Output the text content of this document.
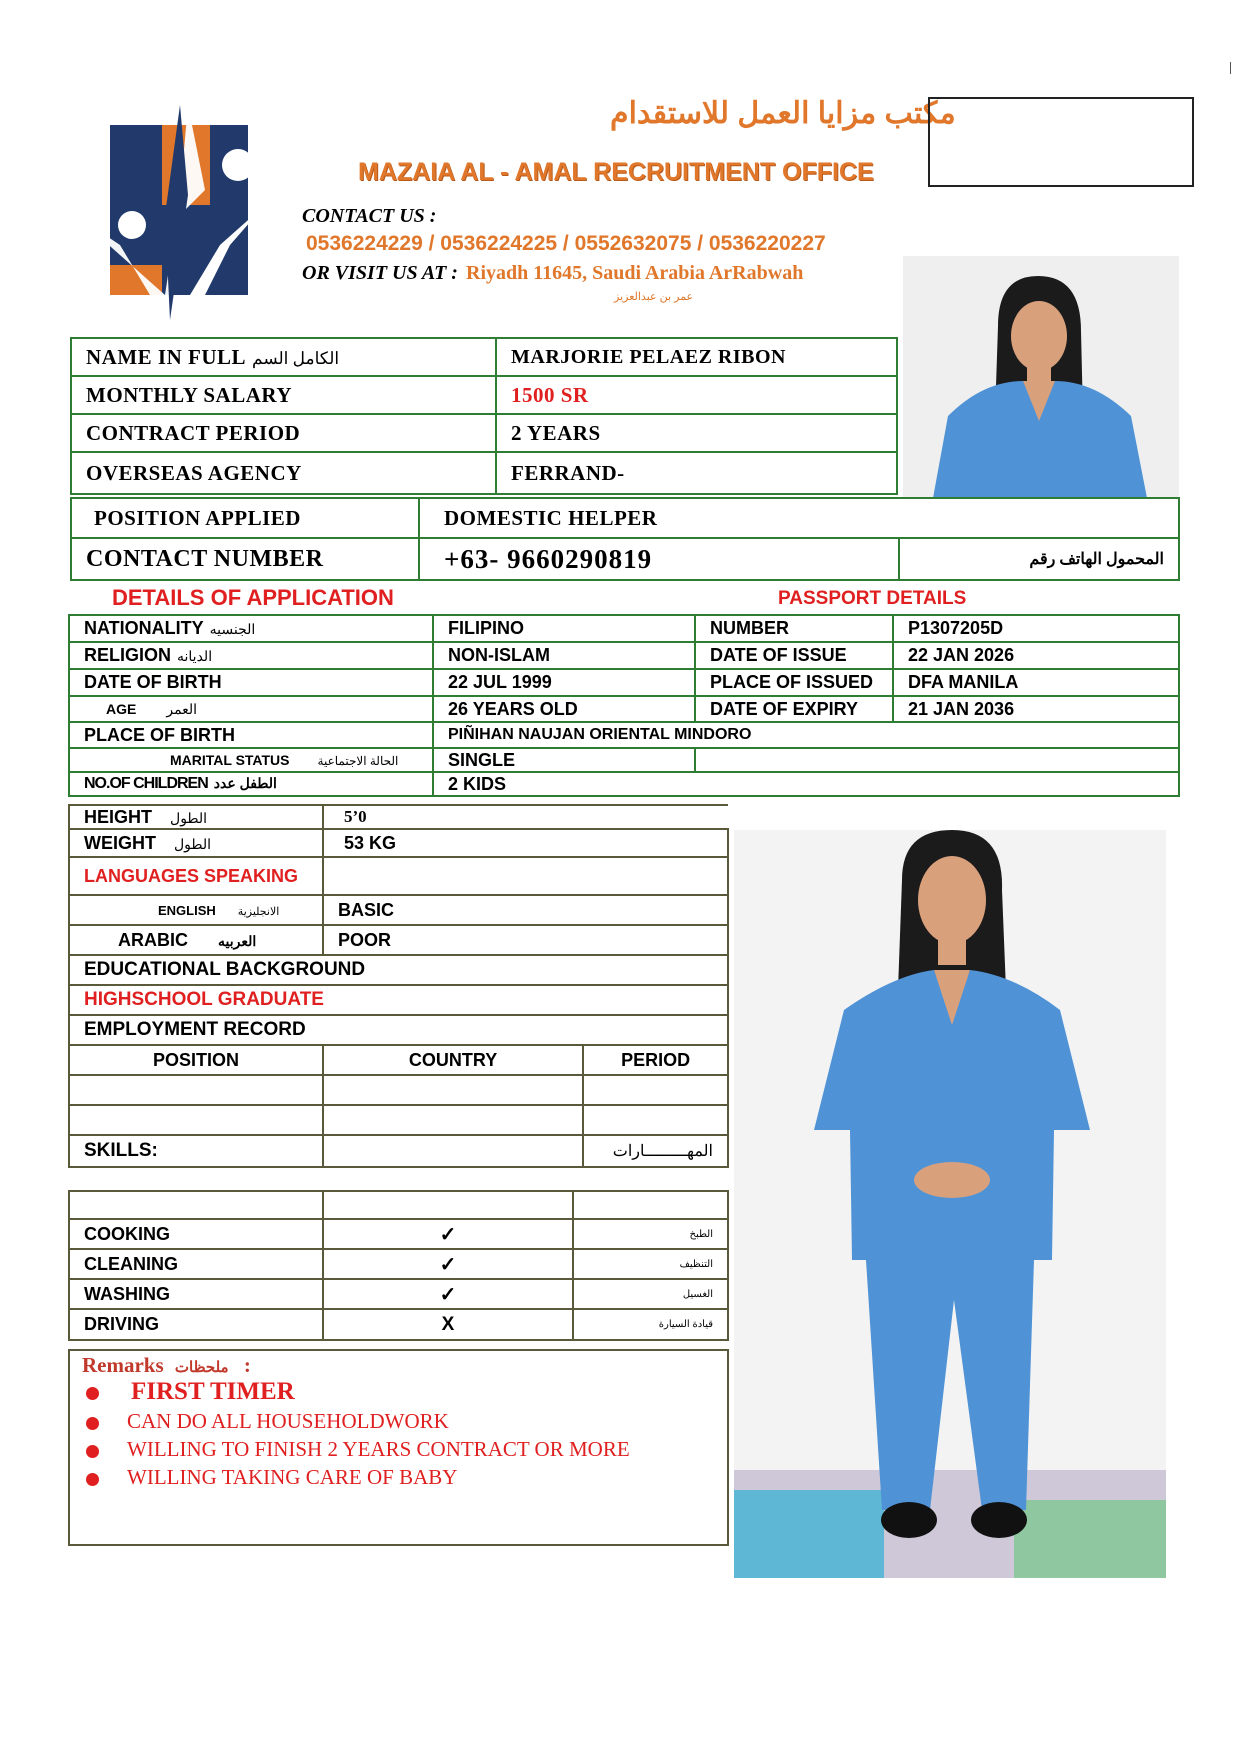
مكتب مزايا العمل للاستقدام
MAZAIA AL - AMAL RECRUITMENT OFFICE
CONTACT US :
0536224229 / 0536224225 / 0552632075 / 0536220227
OR VISIT US AT : Riyadh 11645, Saudi Arabia ArRabwah
عمر بن عبدالعزيز
NAME IN FULL الكامل السم	MARJORIE PELAEZ RIBON
MONTHLY SALARY	1500 SR
CONTRACT PERIOD	2 YEARS
OVERSEAS AGENCY	FERRAND-
POSITION APPLIED	DOMESTIC HELPER	
CONTACT NUMBER	+63- 9660290819	المحمول الهاتف رقم
DETAILS OF APPLICATION	PASSPORT DETAILS
NATIONALITY الجنسيه	FILIPINO	NUMBER	P1307205D
RELIGION الديانه	NON-ISLAM	DATE OF ISSUE	22 JAN 2026
DATE OF BIRTH	22 JUL 1999	PLACE OF ISSUED	DFA MANILA
AGE العمر	26 YEARS OLD	DATE OF EXPIRY	21 JAN 2036
PLACE OF BIRTH	PIÑIHAN NAUJAN ORIENTAL MINDORO		
MARITAL STATUS الحالة الاجتماعية	SINGLE		
NO.OF CHILDREN الطفل عدد	2 KIDS		
HEIGHT الطول	5’0	
WEIGHT الطول	53 KG	
LANGUAGES SPEAKING		
ENGLISH الانجليزية	BASIC	
ARABIC العربيه	POOR	
EDUCATIONAL BACKGROUND		
HIGHSCHOOL GRADUATE		
EMPLOYMENT RECORD		
POSITION	COUNTRY	PERIOD

SKILLS:		المهـــــــــارات

COOKING	✓	الطبخ
CLEANING	✓	التنظيف
WASHING	✓	الغسيل
DRIVING	X	قيادة السيارة
Remarks ملحظات :
FIRST TIMER
CAN DO ALL HOUSEHOLDWORK
WILLING TO FINISH 2 YEARS CONTRACT OR MORE
WILLING TAKING CARE OF BABY
